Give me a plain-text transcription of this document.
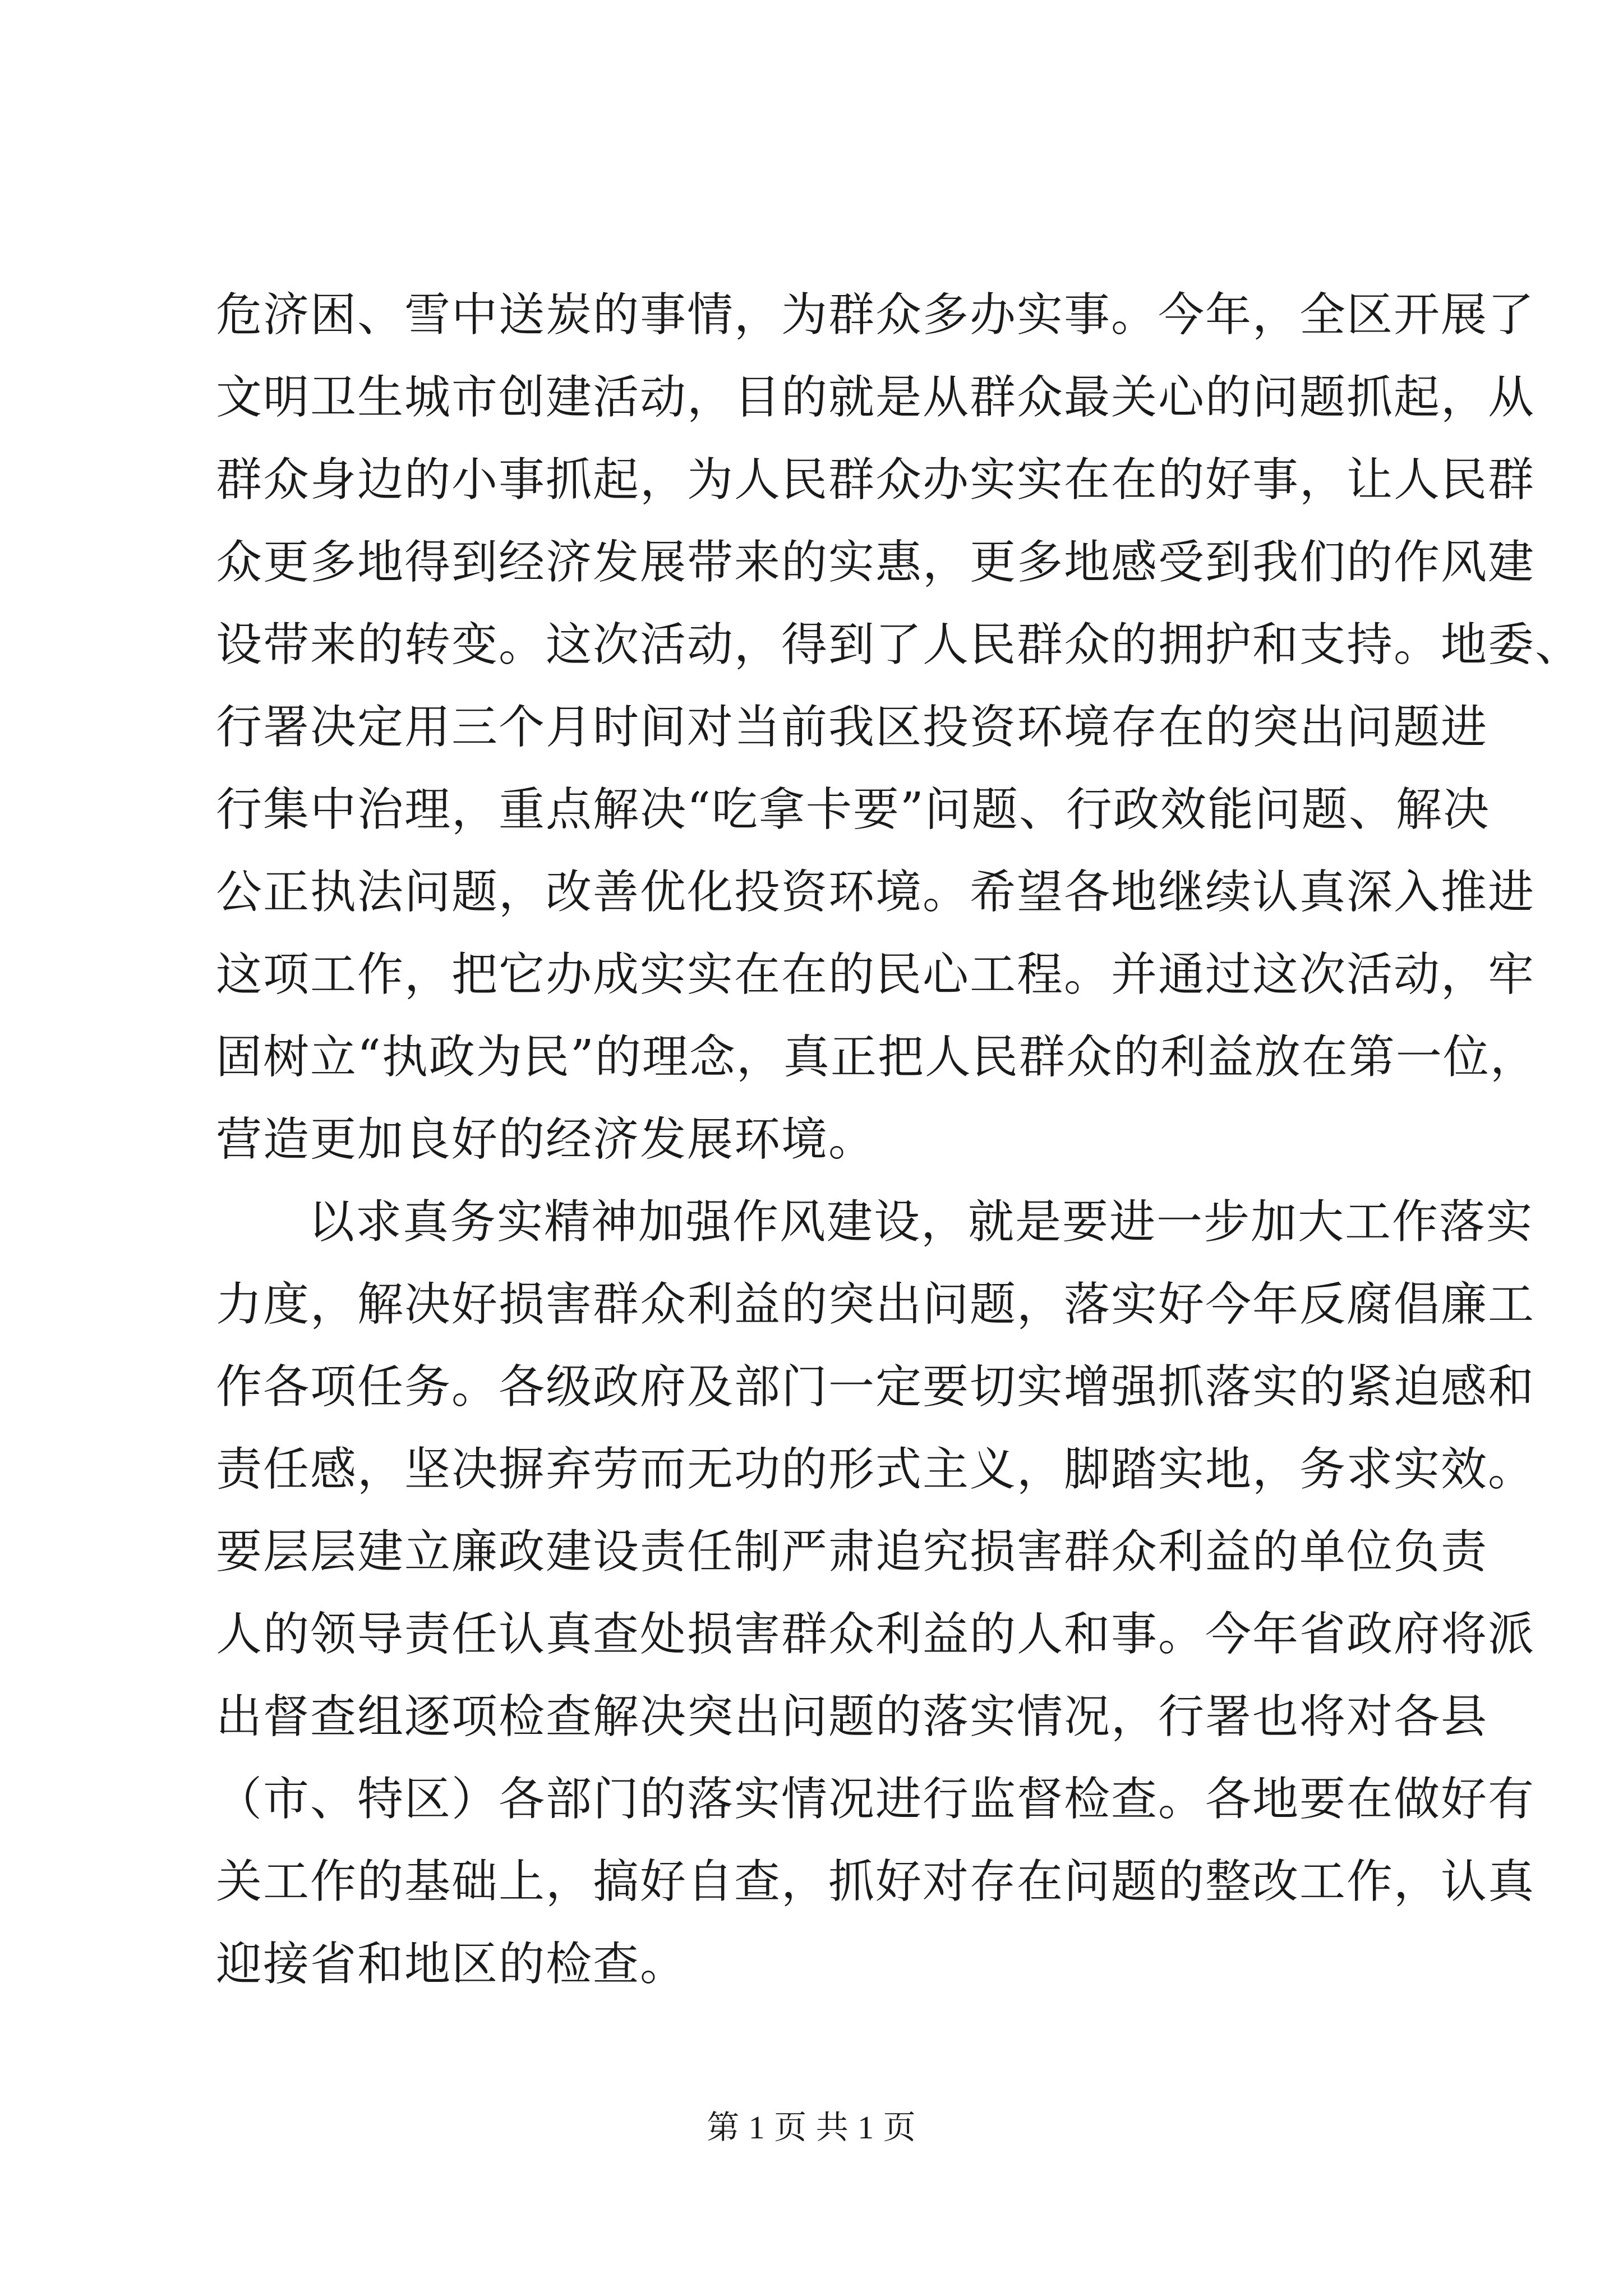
危济困、雪中送炭的事情，为群众多办实事。今年，全区开展了
文明卫生城市创建活动，目的就是从群众最关心的问题抓起，从
群众身边的小事抓起，为人民群众办实实在在的好事，让人民群
众更多地得到经济发展带来的实惠，更多地感受到我们的作风建
设带来的转变。这次活动，得到了人民群众的拥护和支持。地委、
行署决定用三个月时间对当前我区投资环境存在的突出问题进
行集中治理，重点解决“吃拿卡要”问题、行政效能问题、解决
公正执法问题，改善优化投资环境。希望各地继续认真深入推进
这项工作，把它办成实实在在的民心工程。并通过这次活动，牢
固树立“执政为民”的理念，真正把人民群众的利益放在第一位，
营造更加良好的经济发展环境。
以求真务实精神加强作风建设，就是要进一步加大工作落实
力度，解决好损害群众利益的突出问题，落实好今年反腐倡廉工
作各项任务。各级政府及部门一定要切实增强抓落实的紧迫感和
责任感，坚决摒弃劳而无功的形式主义，脚踏实地，务求实效。
要层层建立廉政建设责任制严肃追究损害群众利益的单位负责
人的领导责任认真查处损害群众利益的人和事。今年省政府将派
出督查组逐项检查解决突出问题的落实情况，行署也将对各县
（市、特区）各部门的落实情况进行监督检查。各地要在做好有
关工作的基础上，搞好自查，抓好对存在问题的整改工作，认真
迎接省和地区的检查。
第 1 页 共 1 页
